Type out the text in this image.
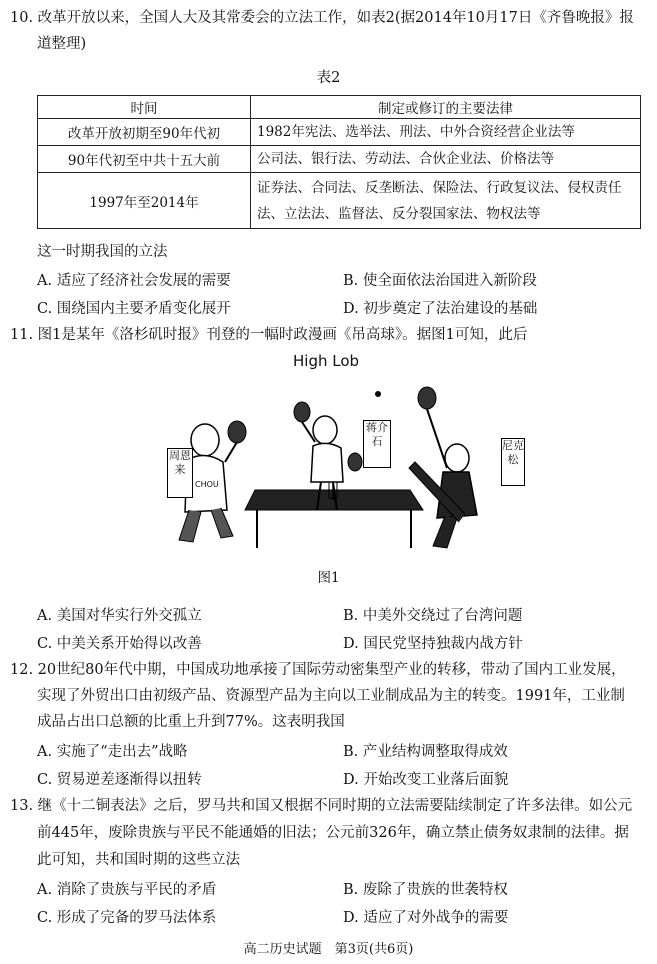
10. 改革开放以来，全国人大及其常委会的立法工作，如表2(据2014年10月17日《齐鲁晚报》报
道整理)
表2
时间	制定或修订的主要法律
改革开放初期至90年代初	1982年宪法、选举法、刑法、中外合资经营企业法等
90年代初至中共十五大前	公司法、银行法、劳动法、合伙企业法、价格法等
1997年至2014年	证券法、合同法、反垄断法、保险法、行政复议法、侵权责任
法、立法法、监督法、反分裂国家法、物权法等
这一时期我国的立法
A. 适应了经济社会发展的需要	B. 使全面依法治国进入新阶段
C. 围绕国内主要矛盾变化展开	D. 初步奠定了法治建设的基础
11. 图1是某年《洛杉矶时报》刊登的一幅时政漫画《吊高球》。据图1可知，此后
High Lob
周恩来
蒋介石	尼克松
CHOU
图1
A. 美国对华实行外交孤立	B. 中美外交绕过了台湾问题
C. 中美关系开始得以改善	D. 国民党坚持独裁内战方针
12. 20世纪80年代中期，中国成功地承接了国际劳动密集型产业的转移，带动了国内工业发展，
实现了外贸出口由初级产品、资源型产品为主向以工业制成品为主的转变。1991年，工业制
成品占出口总额的比重上升到77%。这表明我国
A. 实施了“走出去”战略	B. 产业结构调整取得成效
C. 贸易逆差逐渐得以扭转	D. 开始改变工业落后面貌
13. 继《十二铜表法》之后，罗马共和国又根据不同时期的立法需要陆续制定了许多法律。如公元
前445年，废除贵族与平民不能通婚的旧法；公元前326年，确立禁止债务奴隶制的法律。据
此可知，共和国时期的这些立法
A. 消除了贵族与平民的矛盾	B. 废除了贵族的世袭特权
C. 形成了完备的罗马法体系	D. 适应了对外战争的需要
高二历史试题　第3页(共6页)
